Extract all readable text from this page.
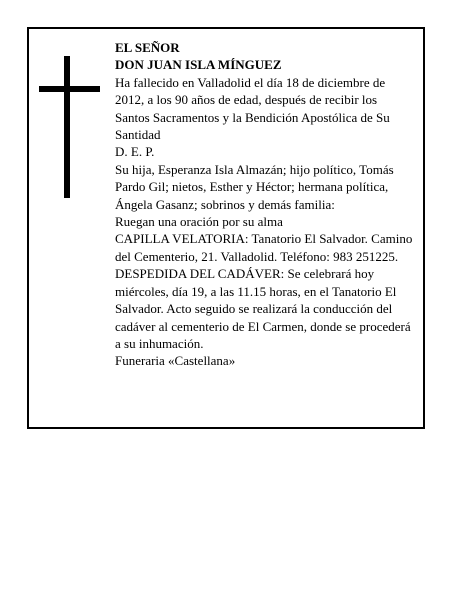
EL SEÑOR

DON JUAN ISLA MÍNGUEZ

Ha fallecido en Valladolid el día 18 de diciembre de 2012, a los 90 años de edad, después de recibir los Santos Sacramentos y la Bendición Apostólica de Su Santidad

D. E. P.

Su hija, Esperanza Isla Almazán; hijo político, Tomás Pardo Gil; nietos, Esther y Héctor; hermana política, Ángela Gasanz; sobrinos y demás familia:

Ruegan una oración por su alma

CAPILLA VELATORIA: Tanatorio El Salvador. Camino del Cementerio, 21. Valladolid. Teléfono: 983 251225.

DESPEDIDA DEL CADÁVER: Se celebrará hoy miércoles, día 19, a las 11.15 horas, en el Tanatorio El Salvador. Acto seguido se realizará la conducción del cadáver al cementerio de El Carmen, donde se procederá a su inhumación.

Funeraria «Castellana»
